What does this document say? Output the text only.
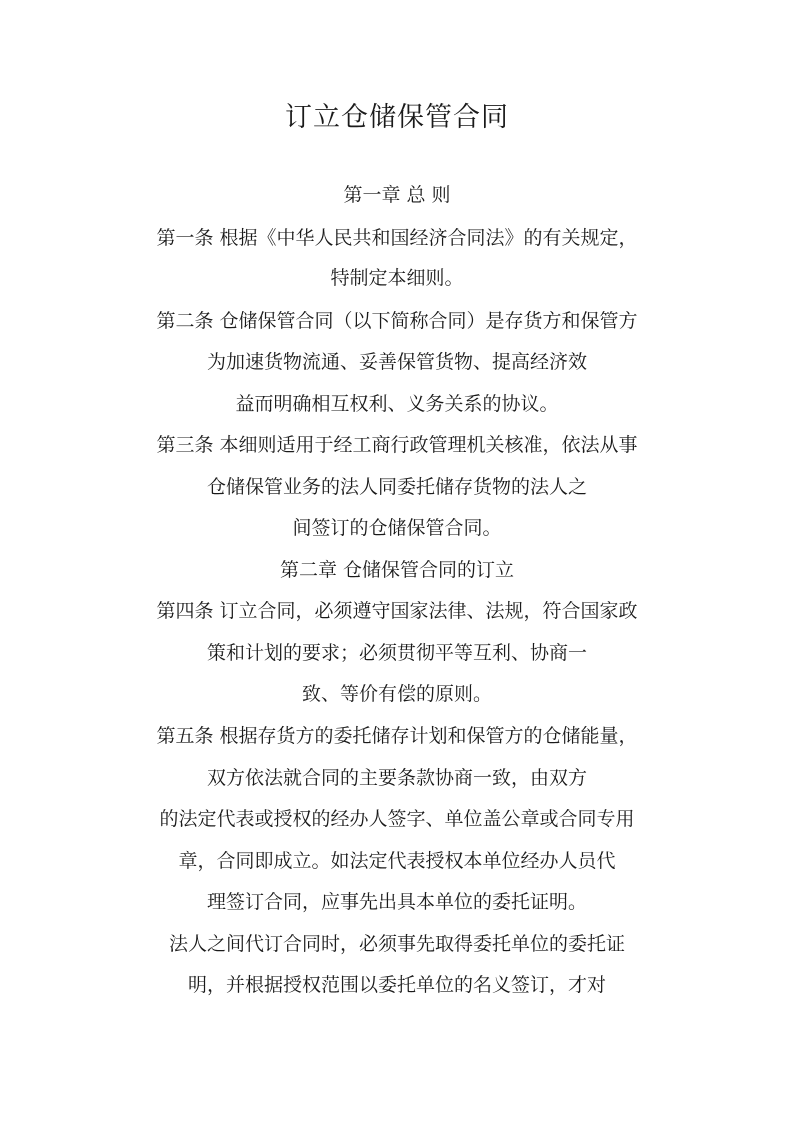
订立仓储保管合同

第一章 总 则

第一条 根据《中华人民共和国经济合同法》的有关规定，

特制定本细则。

第二条 仓储保管合同（以下简称合同）是存货方和保管方

为加速货物流通、妥善保管货物、提高经济效

益而明确相互权利、义务关系的协议。

第三条 本细则适用于经工商行政管理机关核准，依法从事

仓储保管业务的法人同委托储存货物的法人之

间签订的仓储保管合同。

第二章 仓储保管合同的订立

第四条 订立合同，必须遵守国家法律、法规，符合国家政

策和计划的要求；必须贯彻平等互利、协商一

致、等价有偿的原则。

第五条 根据存货方的委托储存计划和保管方的仓储能量，

双方依法就合同的主要条款协商一致，由双方

的法定代表或授权的经办人签字、单位盖公章或合同专用

章，合同即成立。如法定代表授权本单位经办人员代

理签订合同，应事先出具本单位的委托证明。

法人之间代订合同时，必须事先取得委托单位的委托证

明，并根据授权范围以委托单位的名义签订，才对
